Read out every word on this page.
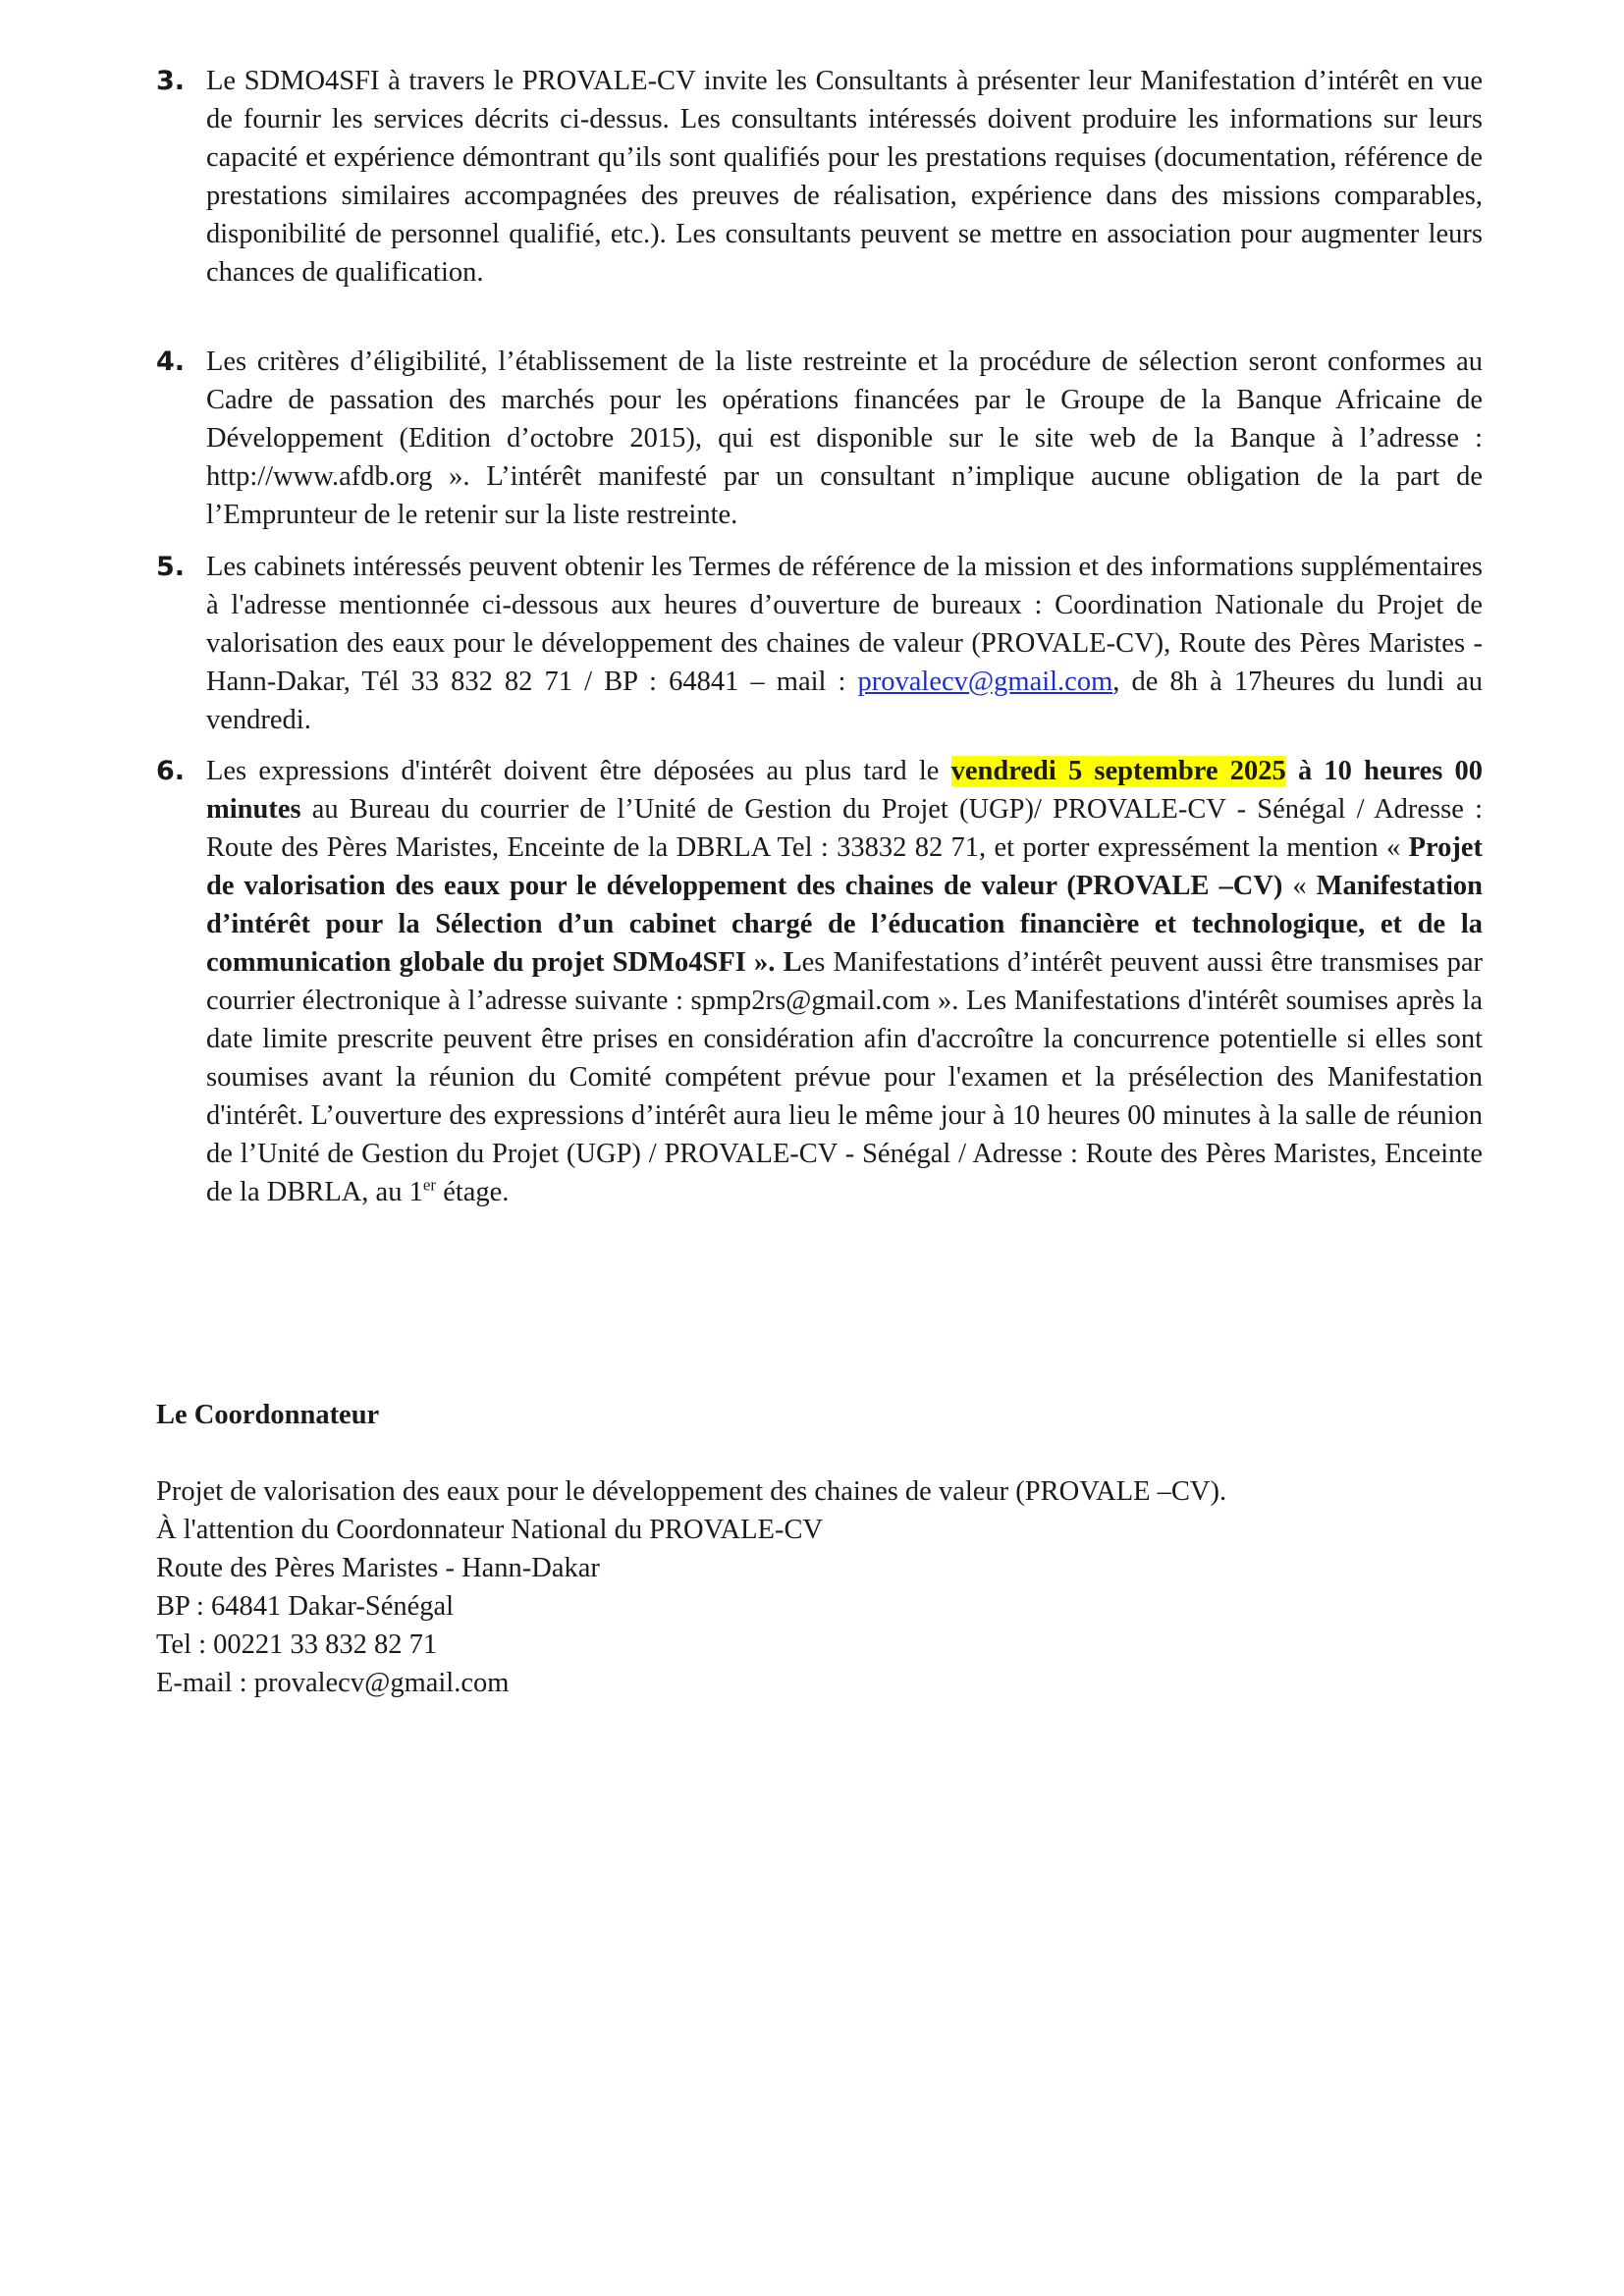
3. Le SDMO4SFI à travers le PROVALE-CV invite les Consultants à présenter leur Manifestation d’intérêt en vue de fournir les services décrits ci-dessus. Les consultants intéressés doivent produire les informations sur leurs capacité et expérience démontrant qu’ils sont qualifiés pour les prestations requises (documentation, référence de prestations similaires accompagnées des preuves de réalisation, expérience dans des missions comparables, disponibilité de personnel qualifié, etc.). Les consultants peuvent se mettre en association pour augmenter leurs chances de qualification.
4. Les critères d’éligibilité, l’établissement de la liste restreinte et la procédure de sélection seront conformes au Cadre de passation des marchés pour les opérations financées par le Groupe de la Banque Africaine de Développement (Edition d’octobre 2015), qui est disponible sur le site web de la Banque à l’adresse : http://www.afdb.org ». L’intérêt manifesté par un consultant n’implique aucune obligation de la part de l’Emprunteur de le retenir sur la liste restreinte.
5. Les cabinets intéressés peuvent obtenir les Termes de référence de la mission et des informations supplémentaires à l'adresse mentionnée ci-dessous aux heures d’ouverture de bureaux : Coordination Nationale du Projet de valorisation des eaux pour le développement des chaines de valeur (PROVALE-CV), Route des Pères Maristes - Hann-Dakar, Tél 33 832 82 71 / BP : 64841 – mail : provalecv@gmail.com, de 8h à 17heures du lundi au vendredi.
6. Les expressions d'intérêt doivent être déposées au plus tard le vendredi 5 septembre 2025 à 10 heures 00 minutes au Bureau du courrier de l’Unité de Gestion du Projet (UGP)/ PROVALE-CV - Sénégal / Adresse : Route des Pères Maristes, Enceinte de la DBRLA Tel : 33832 82 71, et porter expressément la mention « Projet de valorisation des eaux pour le développement des chaines de valeur (PROVALE –CV) « Manifestation d’intérêt pour la Sélection d’un cabinet chargé de l’éducation financière et technologique, et de la communication globale du projet SDMo4SFI ». Les Manifestations d’intérêt peuvent aussi être transmises par courrier électronique à l’adresse suivante : spmp2rs@gmail.com ». Les Manifestations d'intérêt soumises après la date limite prescrite peuvent être prises en considération afin d'accroître la concurrence potentielle si elles sont soumises avant la réunion du Comité compétent prévue pour l'examen et la présélection des Manifestation d'intérêt. L’ouverture des expressions d’intérêt aura lieu le même jour à 10 heures 00 minutes à la salle de réunion de l’Unité de Gestion du Projet (UGP) / PROVALE-CV - Sénégal / Adresse : Route des Pères Maristes, Enceinte de la DBRLA, au 1er étage.
Le Coordonnateur
Projet de valorisation des eaux pour le développement des chaines de valeur (PROVALE –CV).
À l'attention du Coordonnateur National du PROVALE-CV
Route des Pères Maristes - Hann-Dakar
BP : 64841 Dakar-Sénégal
Tel : 00221 33 832 82 71
E-mail : provalecv@gmail.com
